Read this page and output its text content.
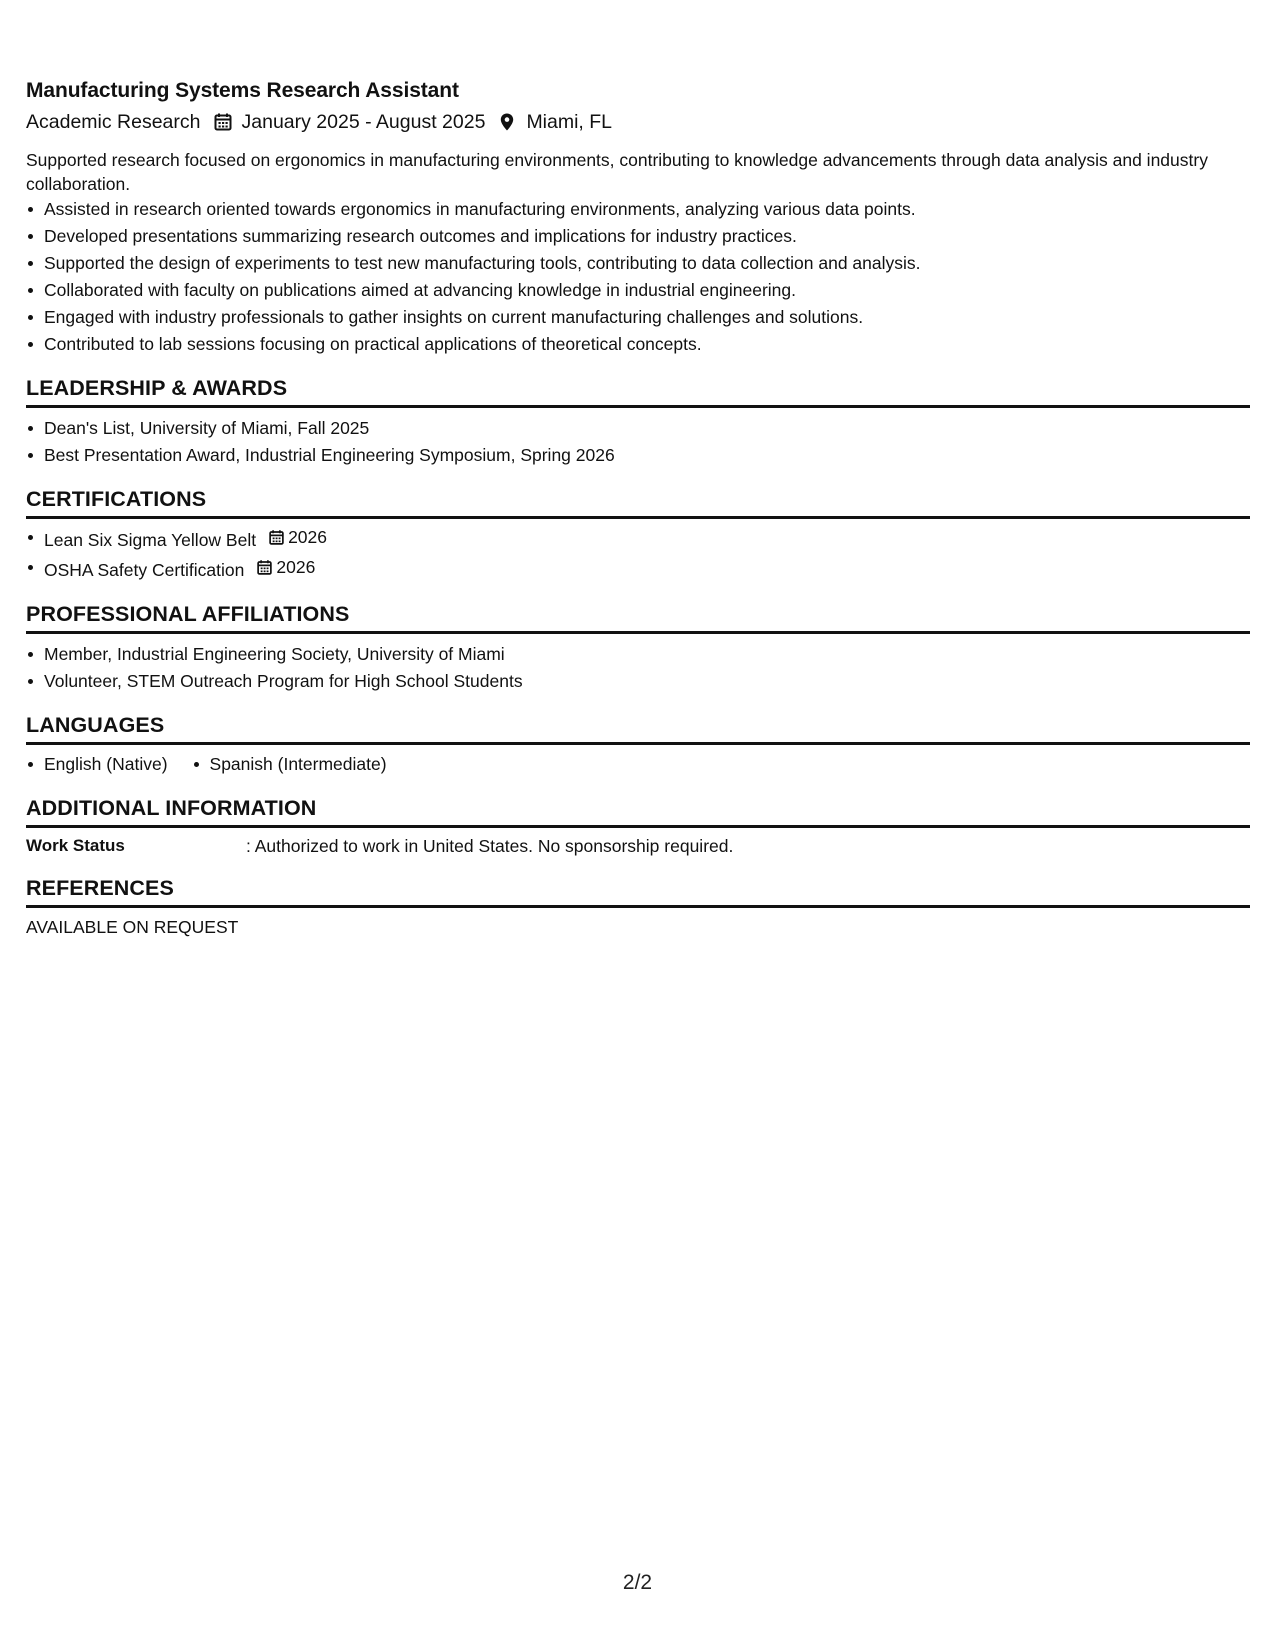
Manufacturing Systems Research Assistant
Academic Research January 2025 - August 2025 Miami, FL

Supported research focused on ergonomics in manufacturing environments, contributing to knowledge advancements through data analysis and industry collaboration.

Assisted in research oriented towards ergonomics in manufacturing environments, analyzing various data points.
Developed presentations summarizing research outcomes and implications for industry practices.
Supported the design of experiments to test new manufacturing tools, contributing to data collection and analysis.
Collaborated with faculty on publications aimed at advancing knowledge in industrial engineering.
Engaged with industry professionals to gather insights on current manufacturing challenges and solutions.
Contributed to lab sessions focusing on practical applications of theoretical concepts.
LEADERSHIP & AWARDS
Dean's List, University of Miami, Fall 2025
Best Presentation Award, Industrial Engineering Symposium, Spring 2026
CERTIFICATIONS
Lean Six Sigma Yellow Belt 2026
OSHA Safety Certification 2026
PROFESSIONAL AFFILIATIONS
Member, Industrial Engineering Society, University of Miami
Volunteer, STEM Outreach Program for High School Students
LANGUAGES
English (Native) Spanish (Intermediate)
ADDITIONAL INFORMATION
Work Status	: Authorized to work in United States. No sponsorship required.
REFERENCES
AVAILABLE ON REQUEST
2/2
